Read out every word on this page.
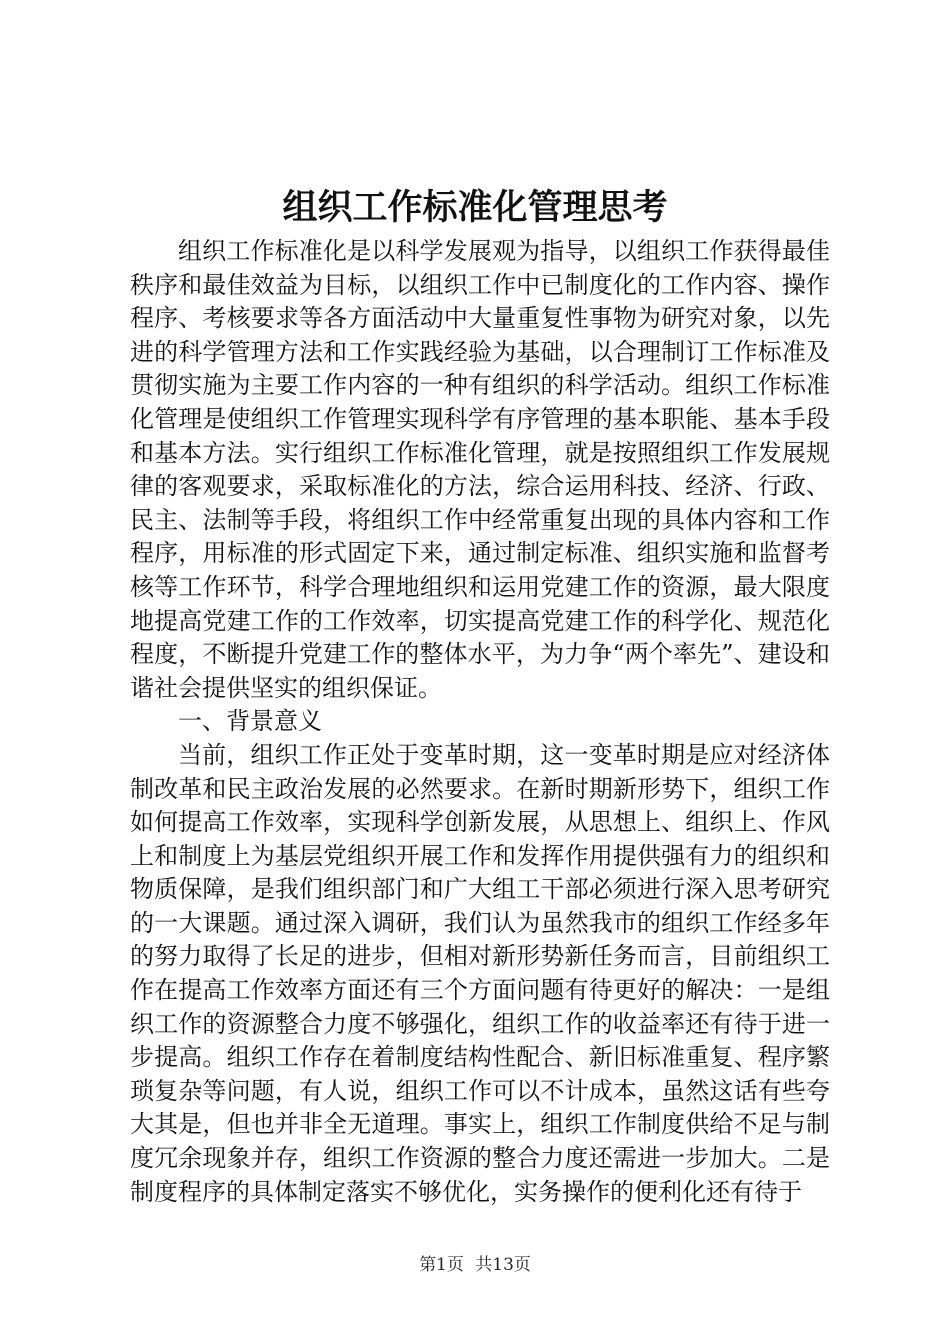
组织工作标准化管理思考

组织工作标准化是以科学发展观为指导，以组织工作获得最佳秩序和最佳效益为目标，以组织工作中已制度化的工作内容、操作程序、考核要求等各方面活动中大量重复性事物为研究对象，以先进的科学管理方法和工作实践经验为基础，以合理制订工作标准及贯彻实施为主要工作内容的一种有组织的科学活动。组织工作标准化管理是使组织工作管理实现科学有序管理的基本职能、基本手段和基本方法。实行组织工作标准化管理，就是按照组织工作发展规律的客观要求，采取标准化的方法，综合运用科技、经济、行政、民主、法制等手段，将组织工作中经常重复出现的具体内容和工作程序，用标准的形式固定下来，通过制定标准、组织实施和监督考核等工作环节，科学合理地组织和运用党建工作的资源，最大限度地提高党建工作的工作效率，切实提高党建工作的科学化、规范化程度，不断提升党建工作的整体水平，为力争“两个率先”、建设和谐社会提供坚实的组织保证。

一、背景意义

当前，组织工作正处于变革时期，这一变革时期是应对经济体制改革和民主政治发展的必然要求。在新时期新形势下，组织工作如何提高工作效率，实现科学创新发展，从思想上、组织上、作风上和制度上为基层党组织开展工作和发挥作用提供强有力的组织和物质保障，是我们组织部门和广大组工干部必须进行深入思考研究的一大课题。通过深入调研，我们认为虽然我市的组织工作经多年的努力取得了长足的进步，但相对新形势新任务而言，目前组织工作在提高工作效率方面还有三个方面问题有待更好的解决：一是组织工作的资源整合力度不够强化，组织工作的收益率还有待于进一步提高。组织工作存在着制度结构性配合、新旧标准重复、程序繁琐复杂等问题，有人说，组织工作可以不计成本，虽然这话有些夸大其是，但也并非全无道理。事实上，组织工作制度供给不足与制度冗余现象并存，组织工作资源的整合力度还需进一步加大。二是制度程序的具体制定落实不够优化，实务操作的便利化还有待于

第1页 共13页
